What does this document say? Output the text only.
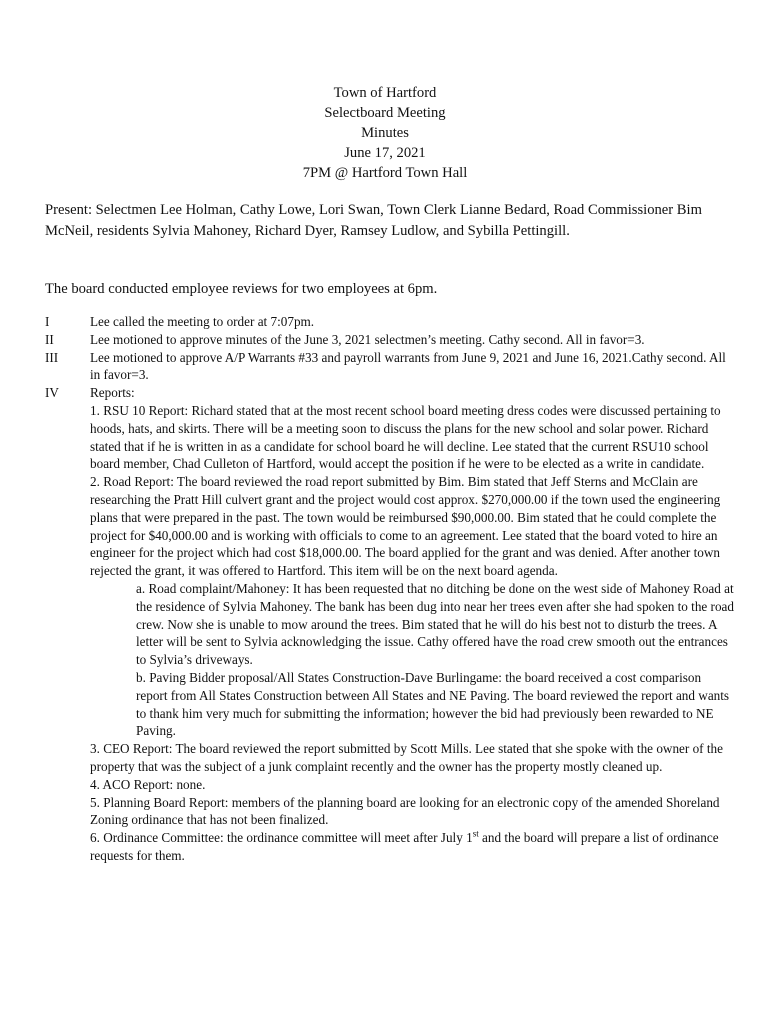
Town of Hartford
Selectboard Meeting
Minutes
June 17, 2021
7PM @ Hartford Town Hall

Present: Selectmen Lee Holman, Cathy Lowe, Lori Swan, Town Clerk Lianne Bedard, Road Commissioner Bim McNeil, residents Sylvia Mahoney, Richard Dyer, Ramsey Ludlow, and Sybilla Pettingill.

The board conducted employee reviews for two employees at 6pm.

I	Lee called the meeting to order at 7:07pm.
II	Lee motioned to approve minutes of the June 3, 2021 selectmen’s meeting. Cathy second. All in favor=3.
III Lee motioned to approve A/P Warrants #33 and payroll warrants from June 9, 2021 and June 16, 2021.Cathy second. All in favor=3.
IV Reports:
1. RSU 10 Report: Richard stated that at the most recent school board meeting dress codes were discussed pertaining to hoods, hats, and skirts. There will be a meeting soon to discuss the plans for the new school and solar power. Richard stated that if he is written in as a candidate for school board he will decline. Lee stated that the current RSU10 school board member, Chad Culleton of Hartford, would accept the position if he were to be elected as a write in candidate.
2. Road Report: The board reviewed the road report submitted by Bim. Bim stated that Jeff Sterns and McClain are researching the Pratt Hill culvert grant and the project would cost approx. $270,000.00 if the town used the engineering plans that were prepared in the past. The town would be reimbursed $90,000.00. Bim stated that he could complete the project for $40,000.00 and is working with officials to come to an agreement. Lee stated that the board voted to hire an engineer for the project which had cost $18,000.00. The board applied for the grant and was denied. After another town rejected the grant, it was offered to Hartford. This item will be on the next board agenda.
a. Road complaint/Mahoney: It has been requested that no ditching be done on the west side of Mahoney Road at the residence of Sylvia Mahoney. The bank has been dug into near her trees even after she had spoken to the road crew. Now she is unable to mow around the trees. Bim stated that he will do his best not to disturb the trees. A letter will be sent to Sylvia acknowledging the issue. Cathy offered have the road crew smooth out the entrances to Sylvia’s driveways.
b. Paving Bidder proposal/All States Construction-Dave Burlingame: the board received a cost comparison report from All States Construction between All States and NE Paving. The board reviewed the report and wants to thank him very much for submitting the information; however the bid had previously been rewarded to NE Paving.
3. CEO Report: The board reviewed the report submitted by Scott Mills. Lee stated that she spoke with the owner of the property that was the subject of a junk complaint recently and the owner has the property mostly cleaned up.
4. ACO Report: none.
5. Planning Board Report: members of the planning board are looking for an electronic copy of the amended Shoreland Zoning ordinance that has not been finalized.
6. Ordinance Committee: the ordinance committee will meet after July 1st and the board will prepare a list of ordinance requests for them.
